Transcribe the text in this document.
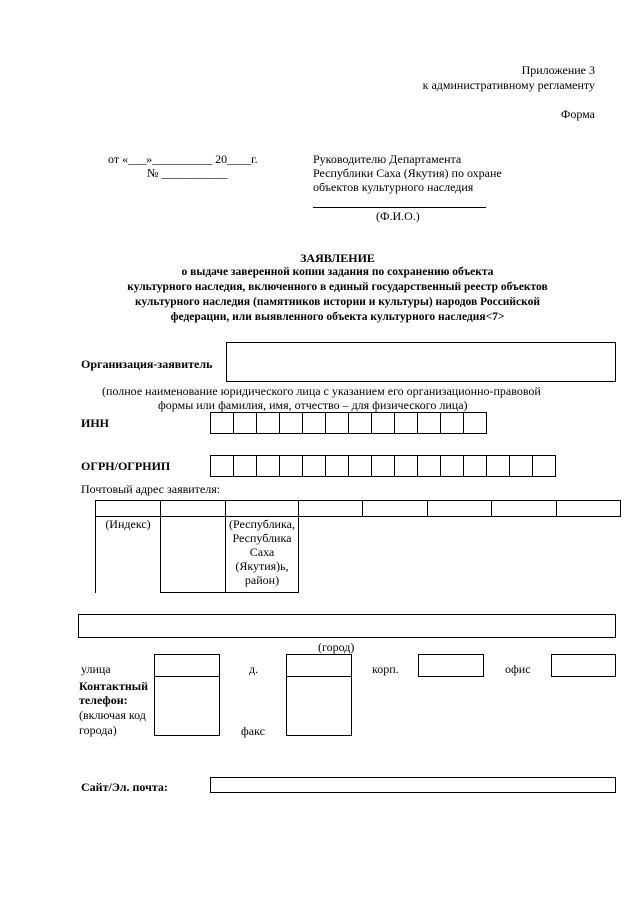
Приложение 3
к административному регламенту
Форма
от «___»__________ 20____г.
№ ___________
Руководителю Департамента
Республики Саха (Якутия) по охране
объектов культурного наследия
(Ф.И.О.)
ЗАЯВЛЕНИЕ
о выдаче заверенной копии задания по сохранению объекта
культурного наследия, включенного в единый государственный реестр объектов
культурного наследия (памятников истории и культуры) народов Российской
федерации, или выявленного объекта культурного наследия<7>
Организация-заявитель
(полное наименование юридического лица с указанием его организационно-правовой
формы или фамилия, имя, отчество – для физического лица)
ИНН
ОГРН/ОГРНИП
Почтовый адрес заявителя:

(Индекс)		(Республика, Республика Саха (Якутия)ь, район)					
(город)
улица	д.	корп.	офис
Контактный
телефон:
(включая код
города)	факс
Сайт/Эл. почта:
